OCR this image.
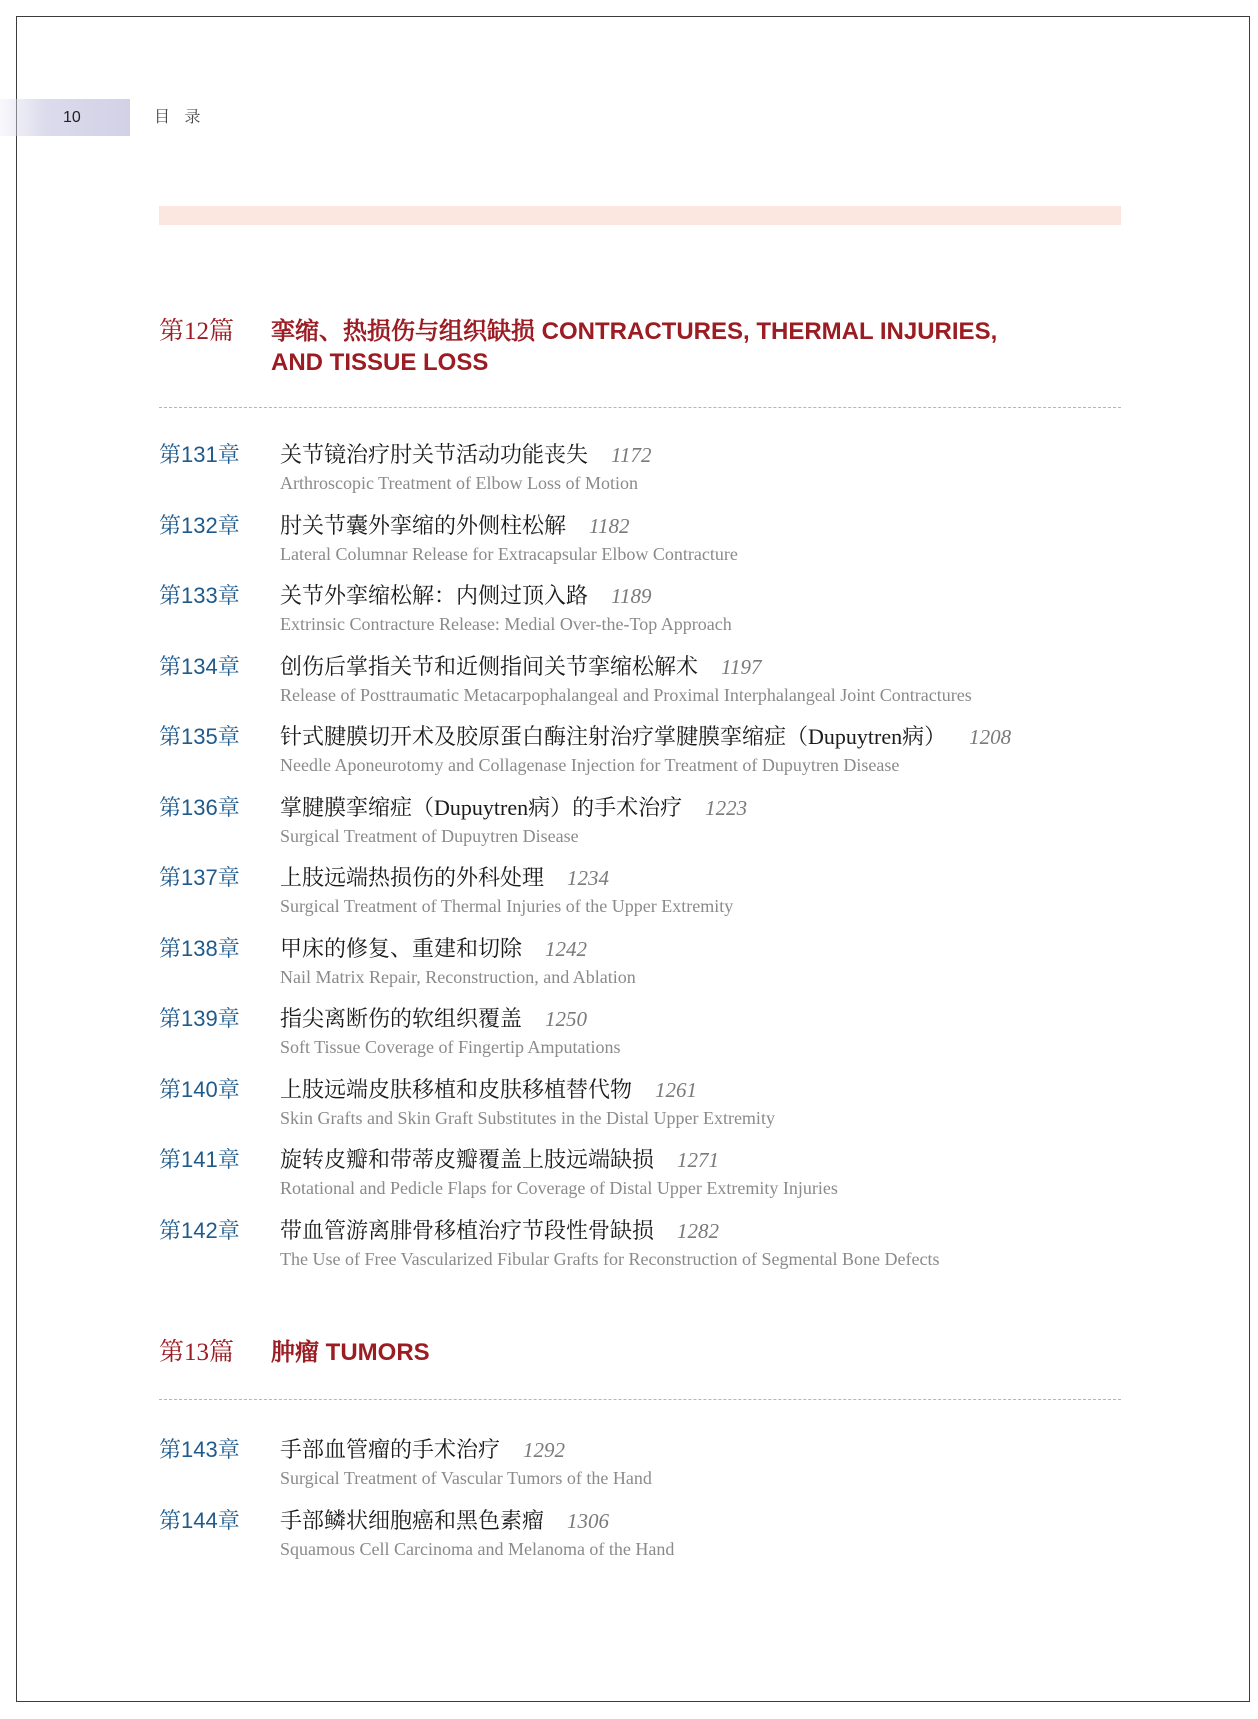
10	目 录
第12篇	挛缩、热损伤与组织缺损 CONTRACTURES, THERMAL INJURIES,
AND TISSUE LOSS
第131章 关节镜治疗肘关节活动功能丧失 1172
Arthroscopic Treatment of Elbow Loss of Motion
第132章 肘关节囊外挛缩的外侧柱松解 1182
Lateral Columnar Release for Extracapsular Elbow Contracture
第133章 关节外挛缩松解：内侧过顶入路 1189
Extrinsic Contracture Release: Medial Over-the-Top Approach
第134章 创伤后掌指关节和近侧指间关节挛缩松解术 1197
Release of Posttraumatic Metacarpophalangeal and Proximal Interphalangeal Joint Contractures
第135章 针式腱膜切开术及胶原蛋白酶注射治疗掌腱膜挛缩症（Dupuytren病） 1208
Needle Aponeurotomy and Collagenase Injection for Treatment of Dupuytren Disease
第136章 掌腱膜挛缩症（Dupuytren病）的手术治疗 1223
Surgical Treatment of Dupuytren Disease
第137章 上肢远端热损伤的外科处理 1234
Surgical Treatment of Thermal Injuries of the Upper Extremity
第138章 甲床的修复、重建和切除 1242
Nail Matrix Repair, Reconstruction, and Ablation
第139章 指尖离断伤的软组织覆盖 1250
Soft Tissue Coverage of Fingertip Amputations
第140章 上肢远端皮肤移植和皮肤移植替代物 1261
Skin Grafts and Skin Graft Substitutes in the Distal Upper Extremity
第141章 旋转皮瓣和带蒂皮瓣覆盖上肢远端缺损 1271
Rotational and Pedicle Flaps for Coverage of Distal Upper Extremity Injuries
第142章 带血管游离腓骨移植治疗节段性骨缺损 1282
The Use of Free Vascularized Fibular Grafts for Reconstruction of Segmental Bone Defects
第13篇	肿瘤 TUMORS
第143章 手部血管瘤的手术治疗 1292
Surgical Treatment of Vascular Tumors of the Hand
第144章 手部鳞状细胞癌和黑色素瘤 1306
Squamous Cell Carcinoma and Melanoma of the Hand
